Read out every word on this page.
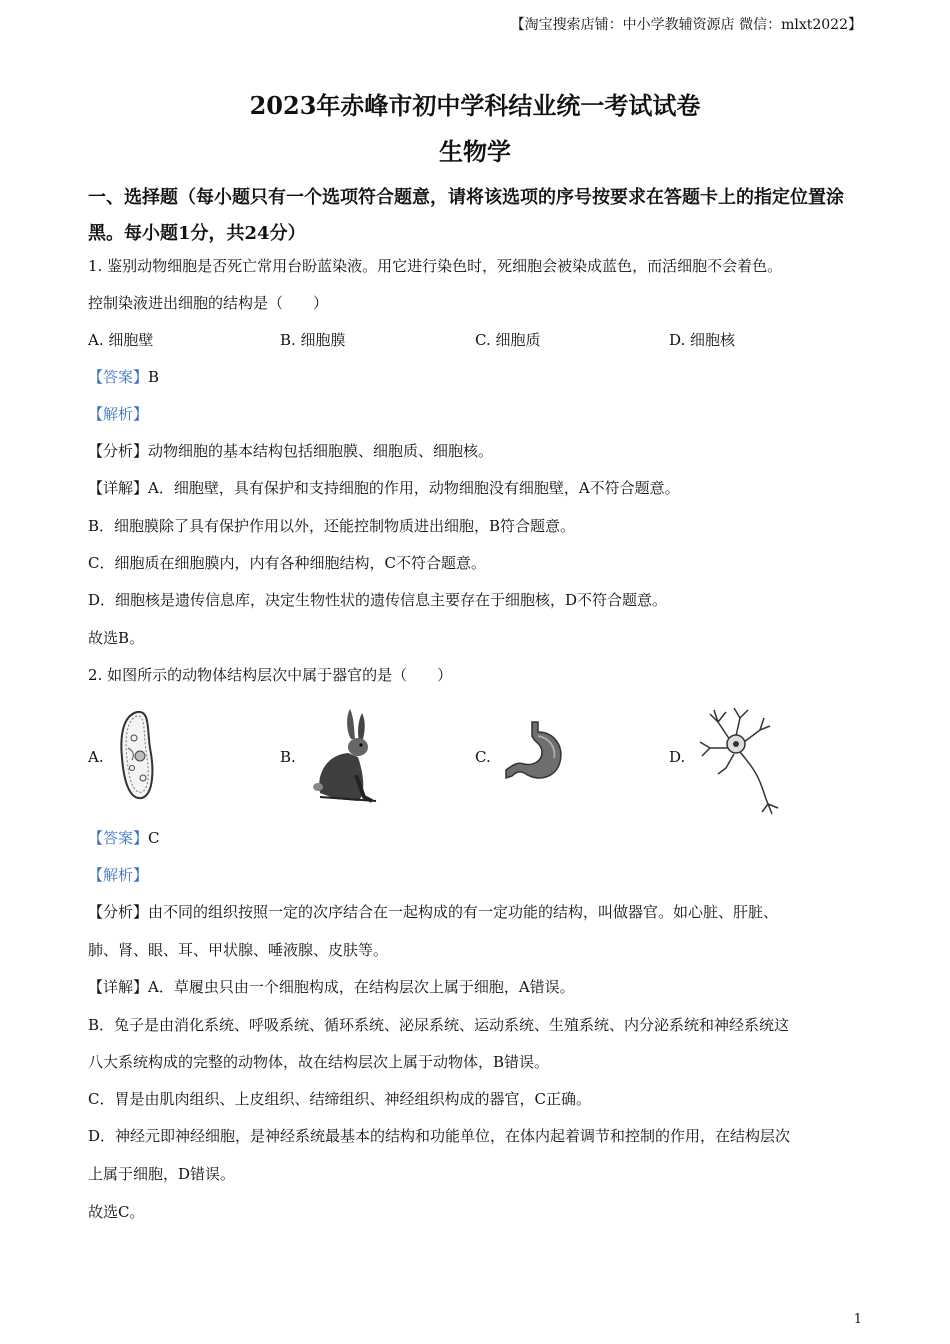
【淘宝搜索店铺：中小学教辅资源店 微信：mlxt2022】
2023年赤峰市初中学科结业统一考试试卷
生物学
一、选择题（每小题只有一个选项符合题意，请将该选项的序号按要求在答题卡上的指定位置涂黑。每小题1分，共24分）
1. 鉴别动物细胞是否死亡常用台盼蓝染液。用它进行染色时，死细胞会被染成蓝色，而活细胞不会着色。
控制染液进出细胞的结构是（　　）
A. 细胞壁	B. 细胞膜	C. 细胞质	D. 细胞核
【答案】B
【解析】
【分析】动物细胞的基本结构包括细胞膜、细胞质、细胞核。
【详解】A．细胞壁，具有保护和支持细胞的作用，动物细胞没有细胞壁，A不符合题意。
B．细胞膜除了具有保护作用以外，还能控制物质进出细胞，B符合题意。
C．细胞质在细胞膜内，内有各种细胞结构，C不符合题意。
D．细胞核是遗传信息库，决定生物性状的遗传信息主要存在于细胞核，D不符合题意。
故选B。
2. 如图所示的动物体结构层次中属于器官的是（　　）
A.	B.	C.	D.
【答案】C
【解析】
【分析】由不同的组织按照一定的次序结合在一起构成的有一定功能的结构，叫做器官。如心脏、肝脏、
肺、肾、眼、耳、甲状腺、唾液腺、皮肤等。
【详解】A．草履虫只由一个细胞构成，在结构层次上属于细胞，A错误。
B．兔子是由消化系统、呼吸系统、循环系统、泌尿系统、运动系统、生殖系统、内分泌系统和神经系统这
八大系统构成的完整的动物体，故在结构层次上属于动物体，B错误。
C．胃是由肌肉组织、上皮组织、结缔组织、神经组织构成的器官，C正确。
D．神经元即神经细胞，是神经系统最基本的结构和功能单位，在体内起着调节和控制的作用，在结构层次
上属于细胞，D错误。
故选C。
1
